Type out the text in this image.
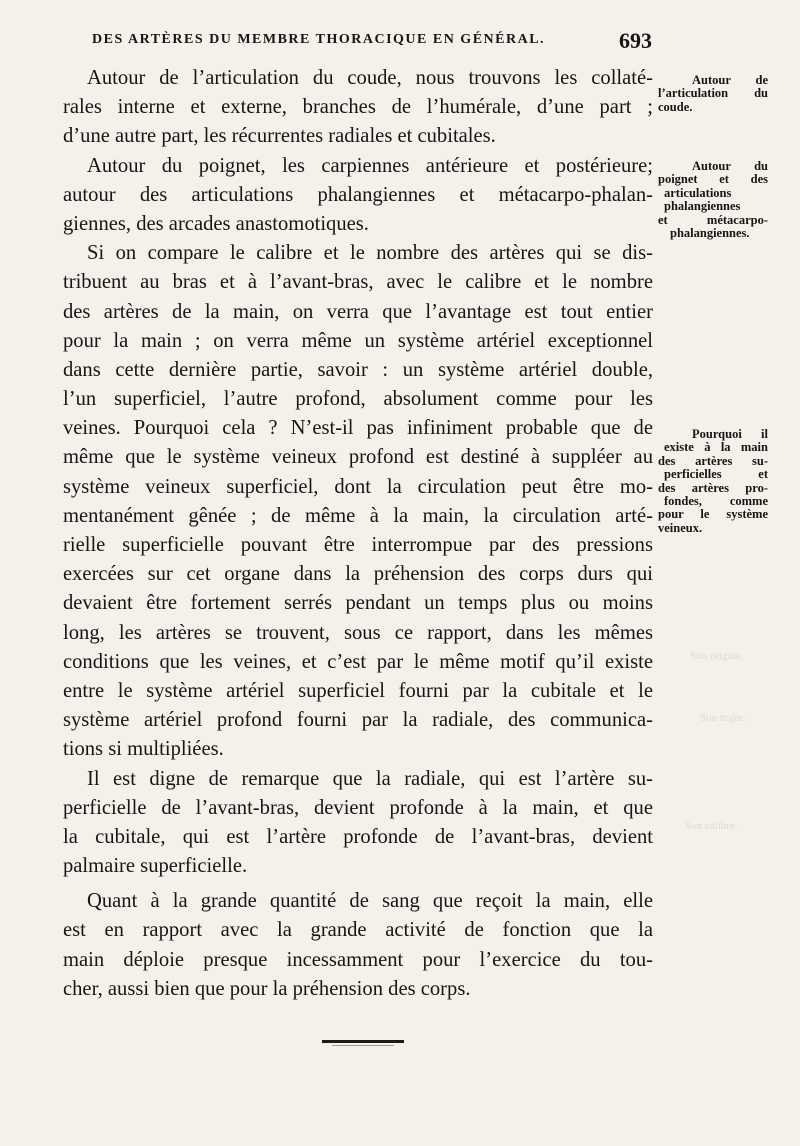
Son origine.
Son trajet.
Son calibre.
DES ARTÈRES DU MEMBRE THORACIQUE EN GÉNÉRAL.	693
Autour de l’articulation du coude, nous trouvons les collaté-
rales interne et externe, branches de l’humérale, d’une part ;
d’une autre part, les récurrentes radiales et cubitales.
Autour du poignet, les carpiennes antérieure et postérieure;
autour des articulations phalangiennes et métacarpo-phalan-
giennes, des arcades anastomotiques.
Si on compare le calibre et le nombre des artères qui se dis-
tribuent au bras et à l’avant-bras, avec le calibre et le nombre
des artères de la main, on verra que l’avantage est tout entier
pour la main ; on verra même un système artériel exceptionnel
dans cette dernière partie, savoir : un système artériel double,
l’un superficiel, l’autre profond, absolument comme pour les
veines. Pourquoi cela ? N’est-il pas infiniment probable que de
même que le système veineux profond est destiné à suppléer au
système veineux superficiel, dont la circulation peut être mo-
mentanément gênée ; de même à la main, la circulation arté-
rielle superficielle pouvant être interrompue par des pressions
exercées sur cet organe dans la préhension des corps durs qui
devaient être fortement serrés pendant un temps plus ou moins
long, les artères se trouvent, sous ce rapport, dans les mêmes
conditions que les veines, et c’est par le même motif qu’il existe
entre le système artériel superficiel fourni par la cubitale et le
système artériel profond fourni par la radiale, des communica-
tions si multipliées.
Il est digne de remarque que la radiale, qui est l’artère su-
perficielle de l’avant-bras, devient profonde à la main, et que
la cubitale, qui est l’artère profonde de l’avant-bras, devient
palmaire superficielle.
Quant à la grande quantité de sang que reçoit la main, elle
est en rapport avec la grande activité de fonction que la
main déploie presque incessamment pour l’exercice du tou-
cher, aussi bien que pour la préhension des corps.
Autour de
l’articulation du
coude.
Autour du
poignet et des
articulations
phalangiennes
et métacarpo-
phalangiennes.
Pourquoi il
existe à la main
des artères su-
perficielles et
des artères pro-
fondes, comme
pour le système
veineux.
